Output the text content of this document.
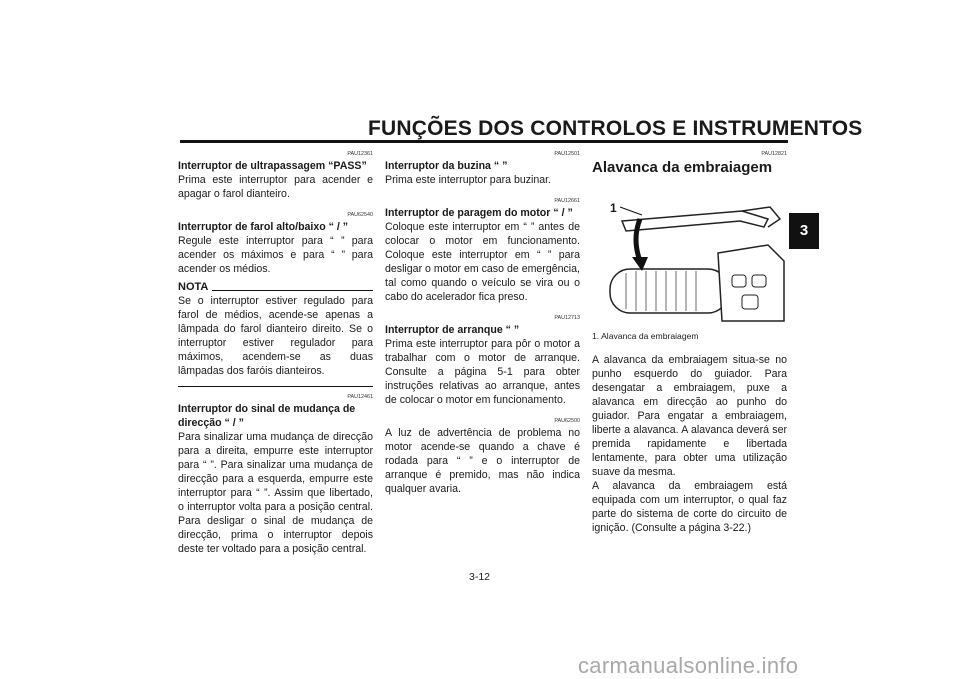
FUNÇÕES DOS CONTROLOS E INSTRUMENTOS
3

PAU12361

Interruptor de ultrapassagem “PASS”

Prima este interruptor para acender e apagar o farol dianteiro.

PAU62540

Interruptor de farol alto/baixo “ / ”

Regule este interruptor para “ ” para acender os máximos e para “ ” para acender os médios.

NOTA

Se o interruptor estiver regulado para farol de médios, acende-se apenas a lâmpada do farol dianteiro direito. Se o interruptor estiver regulador para máximos, acendem-se as duas lâmpadas dos faróis dianteiros.

PAU12461

Interruptor do sinal de mudança de direcção “ / ”

Para sinalizar uma mudança de direcção para a direita, empurre este interruptor para “ ”. Para sinalizar uma mudança de direcção para a esquerda, empurre este interruptor para “ ”. Assim que libertado, o interruptor volta para a posição central. Para desligar o sinal de mudança de direcção, prima o interruptor depois deste ter voltado para a posição central.

PAU12501

Interruptor da buzina “ ”

Prima este interruptor para buzinar.

PAU12661

Interruptor de paragem do motor “ / ”

Coloque este interruptor em “ ” antes de colocar o motor em funcionamento. Coloque este interruptor em “ ” para desligar o motor em caso de emergência, tal como quando o veículo se vira ou o cabo do acelerador fica preso.

PAU12713

Interruptor de arranque “ ”

Prima este interruptor para pôr o motor a trabalhar com o motor de arranque. Consulte a página 5-1 para obter instruções relativas ao arranque, antes de colocar o motor em funcionamento.

PAU62500

A luz de advertência de problema no motor acende-se quando a chave é rodada para “ ” e o interruptor de arranque é premido, mas não indica qualquer avaria.

PAU12821

Alavanca da embraiagem

1

1. Alavanca da embraiagem

A alavanca da embraiagem situa-se no punho esquerdo do guiador. Para desengatar a embraiagem, puxe a alavanca em direcção ao punho do guiador. Para engatar a embraiagem, liberte a alavanca. A alavanca deverá ser premida rapidamente e libertada lentamente, para obter uma utilização suave da mesma.

A alavanca da embraiagem está equipada com um interruptor, o qual faz parte do sistema de corte do circuito de ignição. (Consulte a página 3-22.)

3-12
carmanualsonline.info
